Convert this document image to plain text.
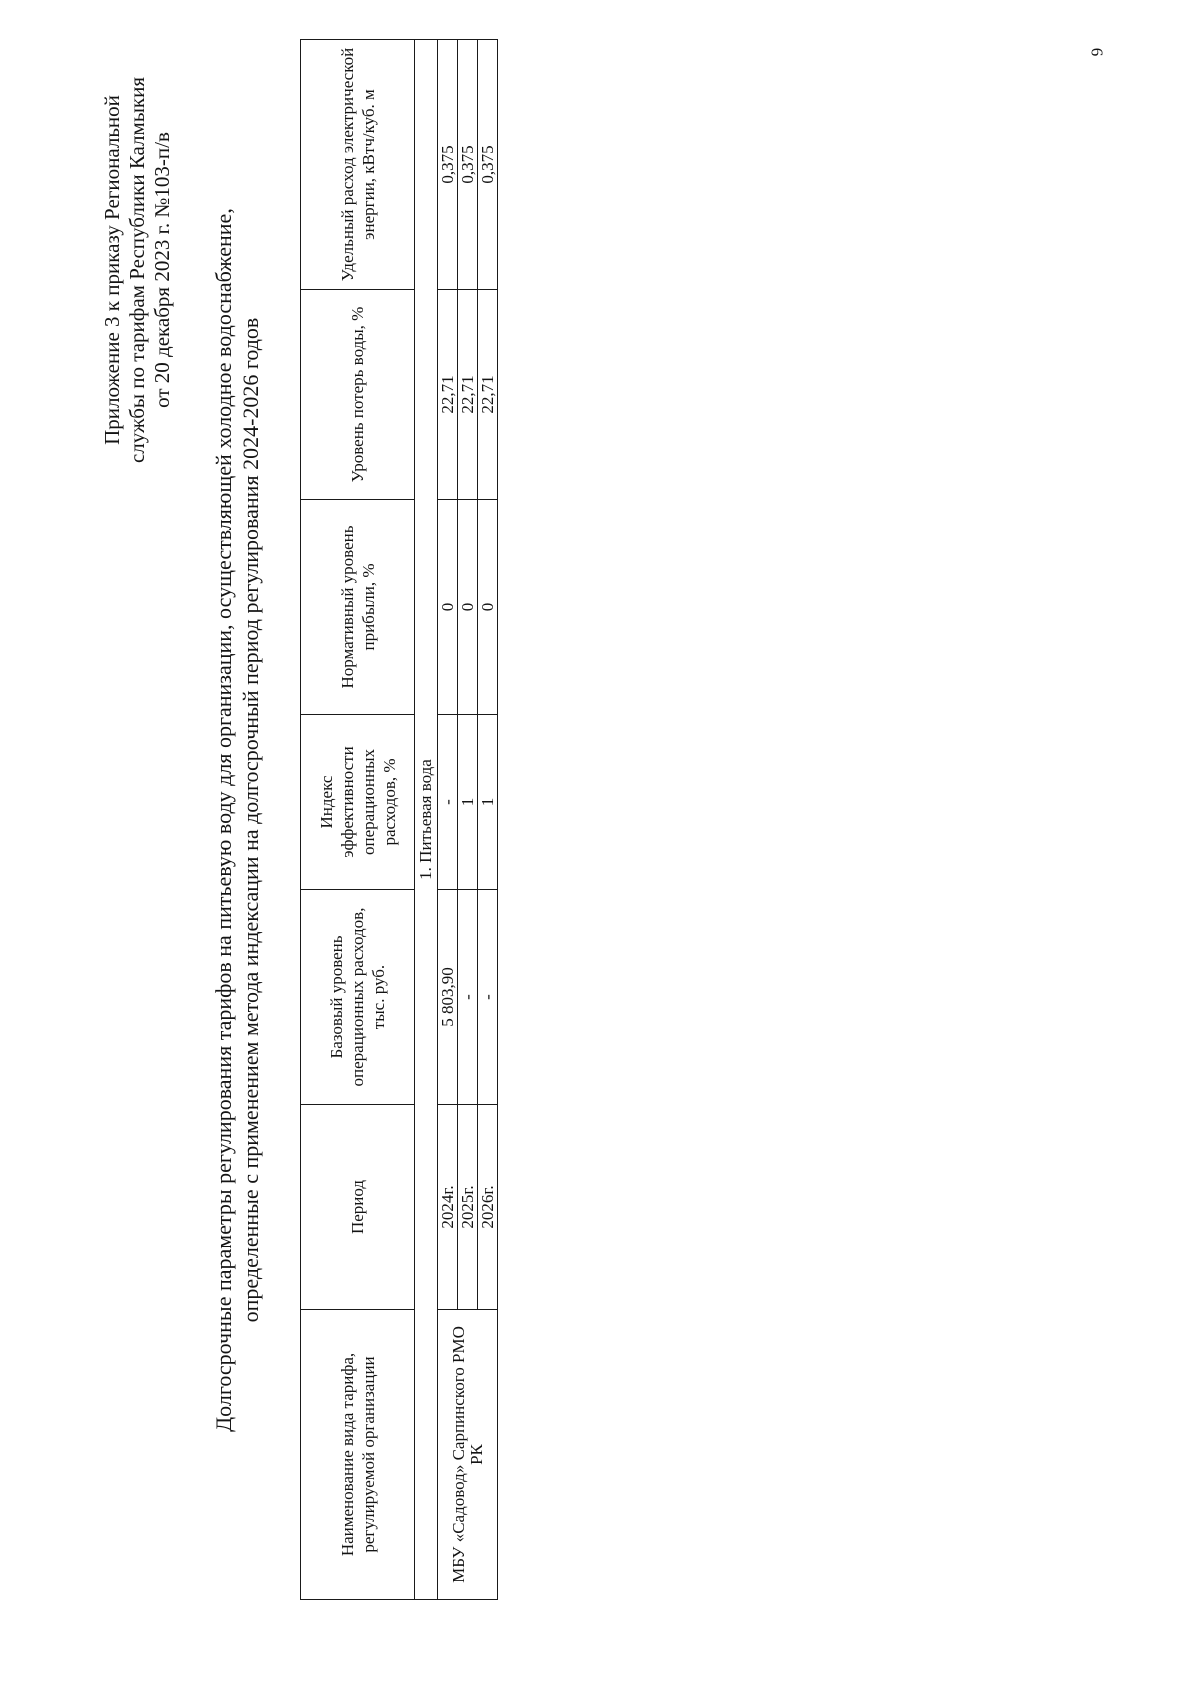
6
Приложение 3 к приказу Региональной службы по тарифам Республики Калмыкия от 20 декабря 2023 г. №103-п/в Долгосрочные параметры регулирования тарифов на питьевую воду для организации, осуществляющей холодное водоснабжение, определенные с применением метода индексации на долгосрочный период регулирования 2024-2026 годов
Наименование вида тарифа, регулируемой организации	Период	Базовый уровень операционных расходов, тыс. руб.	Индекс эффективности операционных расходов, %	Нормативный уровень прибыли, %	Уровень потерь воды, %	Удельный расход электрической энергии, кВтч/куб. м
1. Питьевая вода						
МБУ «Садовод» Сарпинского РМО РК	2024г.	5 803,90	-	0	22,71	0,375
	2025г.	-	1	0	22,71	0,375
	2026г.	-	1	0	22,71	0,375
